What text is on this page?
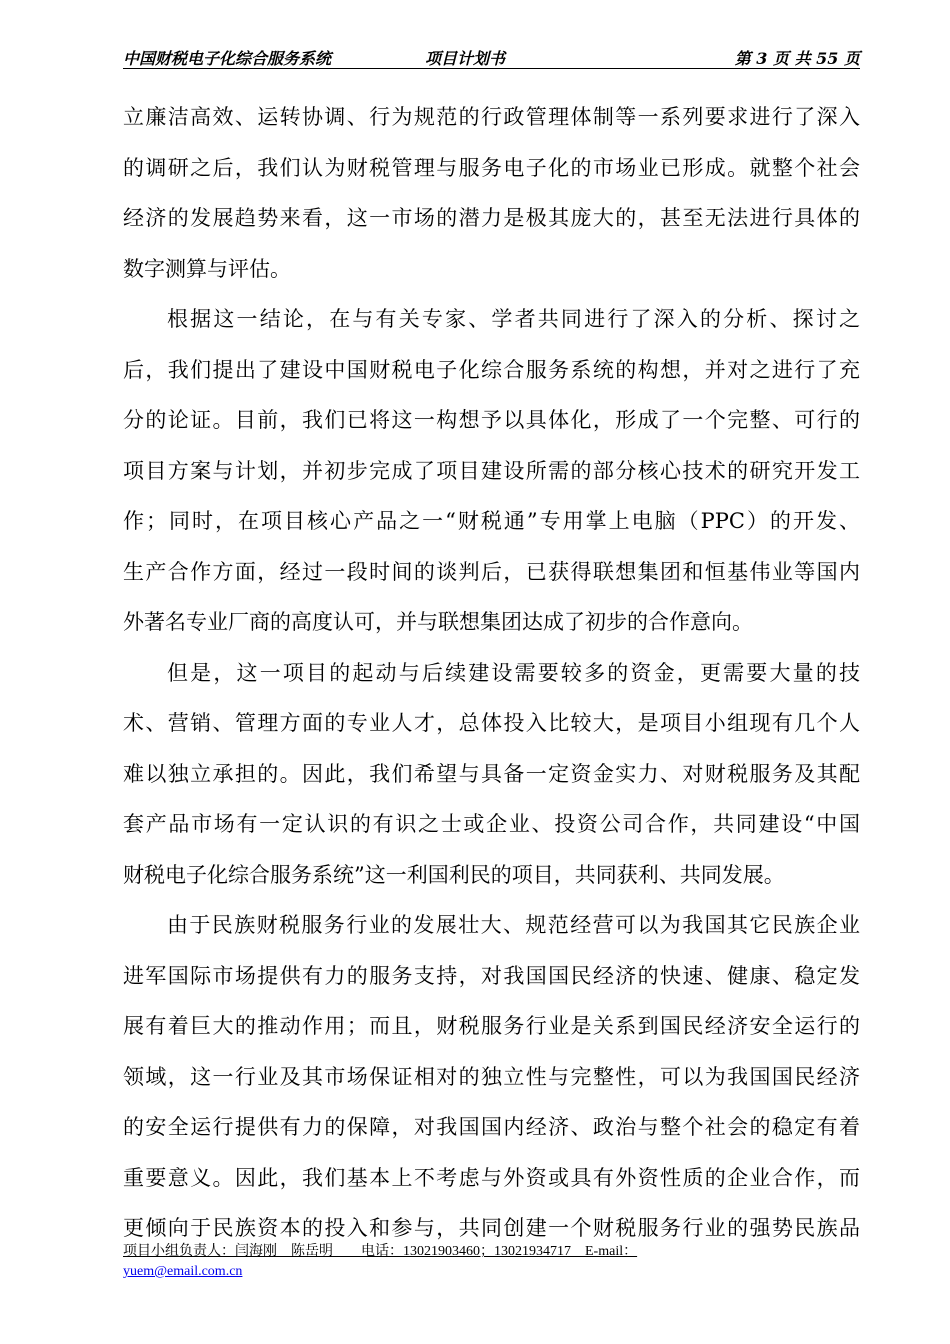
中国财税电子化综合服务系统	项目计划书	第 3 页 共 55 页
立廉洁高效、运转协调、行为规范的行政管理体制等一系列要求进行了深入
的调研之后，我们认为财税管理与服务电子化的市场业已形成。就整个社会
经济的发展趋势来看，这一市场的潜力是极其庞大的，甚至无法进行具体的
数字测算与评估。
根据这一结论，在与有关专家、学者共同进行了深入的分析、探讨之
后，我们提出了建设中国财税电子化综合服务系统的构想，并对之进行了充
分的论证。目前，我们已将这一构想予以具体化，形成了一个完整、可行的
项目方案与计划，并初步完成了项目建设所需的部分核心技术的研究开发工
作；同时，在项目核心产品之一“财税通”专用掌上电脑（PPC）的开发、
生产合作方面，经过一段时间的谈判后，已获得联想集团和恒基伟业等国内
外著名专业厂商的高度认可，并与联想集团达成了初步的合作意向。
但是，这一项目的起动与后续建设需要较多的资金，更需要大量的技
术、营销、管理方面的专业人才，总体投入比较大，是项目小组现有几个人
难以独立承担的。因此，我们希望与具备一定资金实力、对财税服务及其配
套产品市场有一定认识的有识之士或企业、投资公司合作，共同建设“中国
财税电子化综合服务系统”这一利国利民的项目，共同获利、共同发展。
由于民族财税服务行业的发展壮大、规范经营可以为我国其它民族企业
进军国际市场提供有力的服务支持，对我国国民经济的快速、健康、稳定发
展有着巨大的推动作用；而且，财税服务行业是关系到国民经济安全运行的
领域，这一行业及其市场保证相对的独立性与完整性，可以为我国国民经济
的安全运行提供有力的保障，对我国国内经济、政治与整个社会的稳定有着
重要意义。因此，我们基本上不考虑与外资或具有外资性质的企业合作，而
更倾向于民族资本的投入和参与，共同创建一个财税服务行业的强势民族品
项目小组负责人：闫海刚　陈岳明　　电话：13021903460；13021934717　E-mail：
yuem@email.com.cn
